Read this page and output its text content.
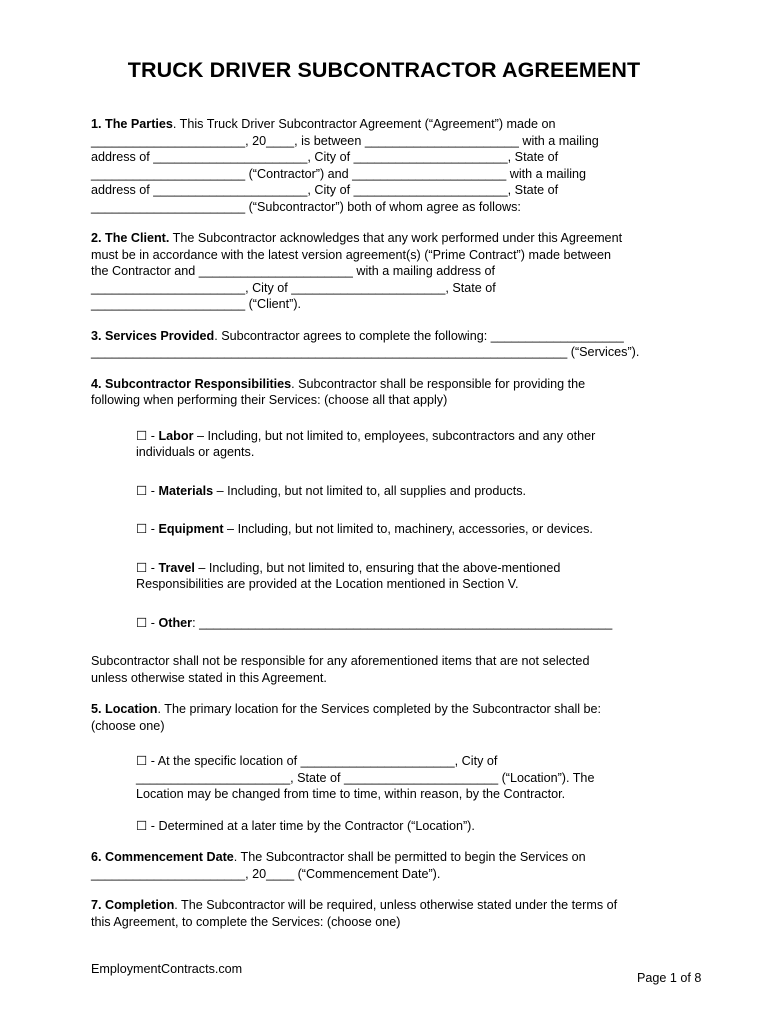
TRUCK DRIVER SUBCONTRACTOR AGREEMENT
1. The Parties. This Truck Driver Subcontractor Agreement (“Agreement”) made on
______________________, 20____, is between ______________________ with a mailing
address of ______________________, City of ______________________, State of
______________________ (“Contractor”) and ______________________ with a mailing
address of ______________________, City of ______________________, State of
______________________ (“Subcontractor”) both of whom agree as follows:
2. The Client. The Subcontractor acknowledges that any work performed under this Agreement
must be in accordance with the latest version agreement(s) (“Prime Contract”) made between
the Contractor and ______________________ with a mailing address of
______________________, City of ______________________, State of
______________________ (“Client”).
3. Services Provided. Subcontractor agrees to complete the following: ___________________
____________________________________________________________________ (“Services”).
4. Subcontractor Responsibilities. Subcontractor shall be responsible for providing the
following when performing their Services: (choose all that apply)
☐ - Labor – Including, but not limited to, employees, subcontractors and any other
individuals or agents.
☐ - Materials – Including, but not limited to, all supplies and products.
☐ - Equipment – Including, but not limited to, machinery, accessories, or devices.
☐ - Travel – Including, but not limited to, ensuring that the above-mentioned
Responsibilities are provided at the Location mentioned in Section V.
☐ - Other: ___________________________________________________________
Subcontractor shall not be responsible for any aforementioned items that are not selected
unless otherwise stated in this Agreement.
5. Location. The primary location for the Services completed by the Subcontractor shall be:
(choose one)
☐ - At the specific location of ______________________, City of
______________________, State of ______________________ (“Location”). The
Location may be changed from time to time, within reason, by the Contractor.
☐ - Determined at a later time by the Contractor (“Location”).
6. Commencement Date. The Subcontractor shall be permitted to begin the Services on
______________________, 20____ (“Commencement Date”).
7. Completion. The Subcontractor will be required, unless otherwise stated under the terms of
this Agreement, to complete the Services: (choose one)
EmploymentContracts.com
Page 1 of 8
